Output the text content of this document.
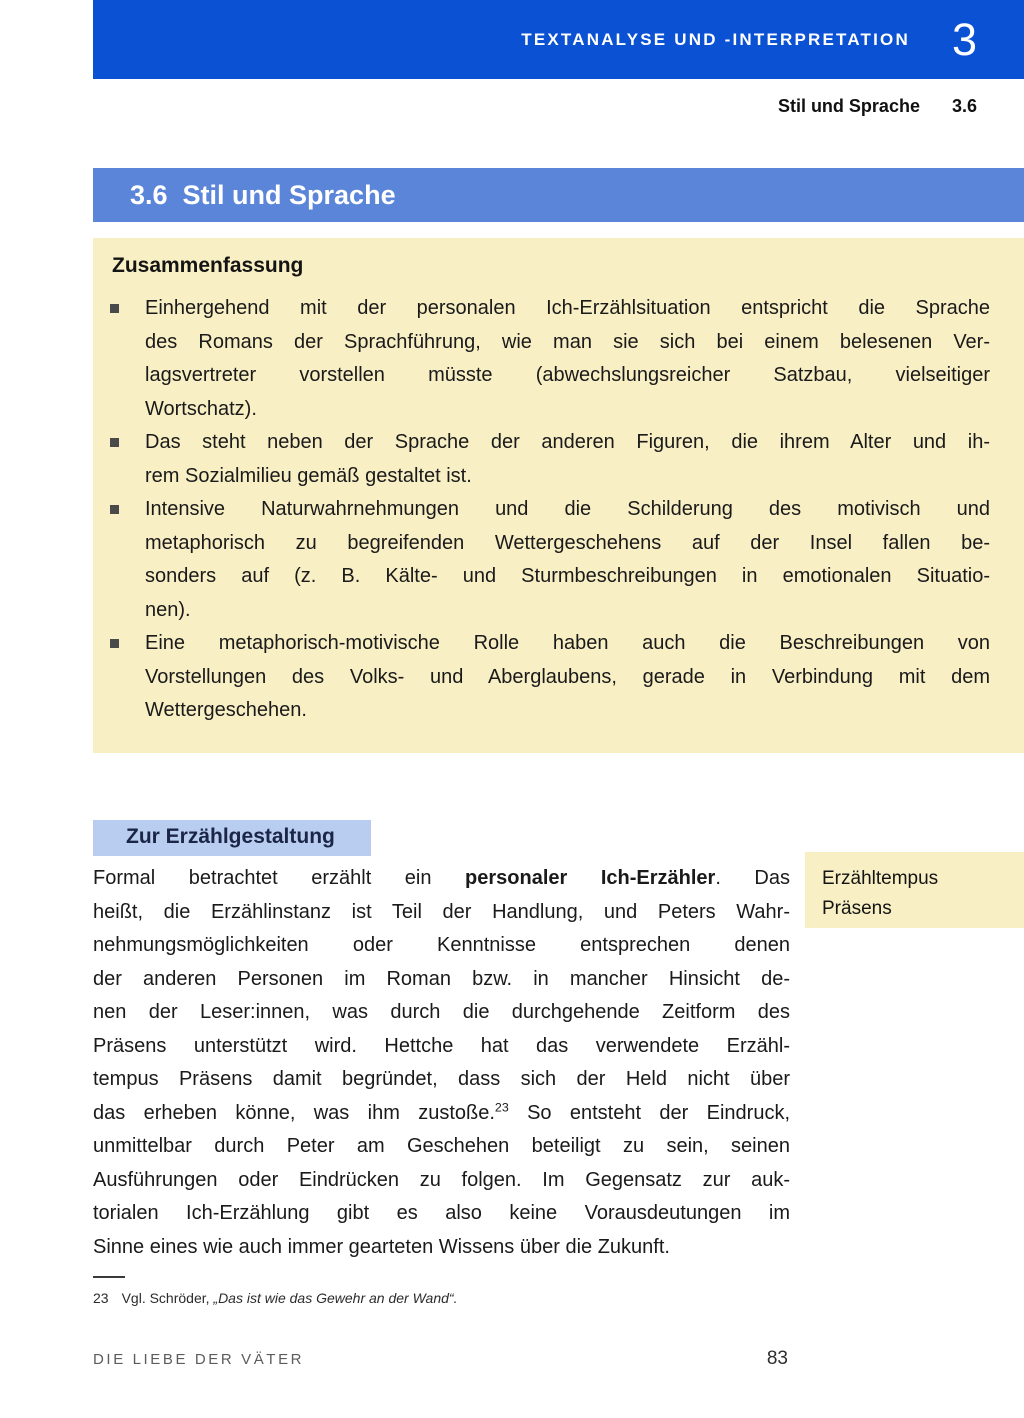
TEXTANALYSE UND -INTERPRETATION 3
Stil und Sprache 3.6
3.6 Stil und Sprache
Zusammenfassung
Einhergehend mit der personalen Ich-Erzählsituation entspricht die Sprache
des Romans der Sprachführung, wie man sie sich bei einem belesenen Ver-
lagsvertreter vorstellen müsste (abwechslungsreicher Satzbau, vielseitiger
Wortschatz).
Das steht neben der Sprache der anderen Figuren, die ihrem Alter und ih-
rem Sozialmilieu gemäß gestaltet ist.
Intensive Naturwahrnehmungen und die Schilderung des motivisch und
metaphorisch zu begreifenden Wettergeschehens auf der Insel fallen be-
sonders auf (z. B. Kälte- und Sturmbeschreibungen in emotionalen Situatio-
nen).
Eine metaphorisch-motivische Rolle haben auch die Beschreibungen von
Vorstellungen des Volks- und Aberglaubens, gerade in Verbindung mit dem
Wettergeschehen.
Zur Erzählgestaltung
Formal betrachtet erzählt ein personaler Ich-Erzähler. Das
heißt, die Erzählinstanz ist Teil der Handlung, und Peters Wahr-
nehmungsmöglichkeiten oder Kenntnisse entsprechen denen
der anderen Personen im Roman bzw. in mancher Hinsicht de-
nen der Leser:innen, was durch die durchgehende Zeitform des
Präsens unterstützt wird. Hettche hat das verwendete Erzähl-
tempus Präsens damit begründet, dass sich der Held nicht über
das erheben könne, was ihm zustoße.$^{23}$ So entsteht der Eindruck,
unmittelbar durch Peter am Geschehen beteiligt zu sein, seinen
Ausführungen oder Eindrücken zu folgen. Im Gegensatz zur auk-
torialen Ich-Erzählung gibt es also keine Vorausdeutungen im
Sinne eines wie auch immer gearteten Wissens über die Zukunft.
Erzähltempus
Präsens
23 Vgl. Schröder, „Das ist wie das Gewehr an der Wand“.
DIE LIEBE DER VÄTER	83
